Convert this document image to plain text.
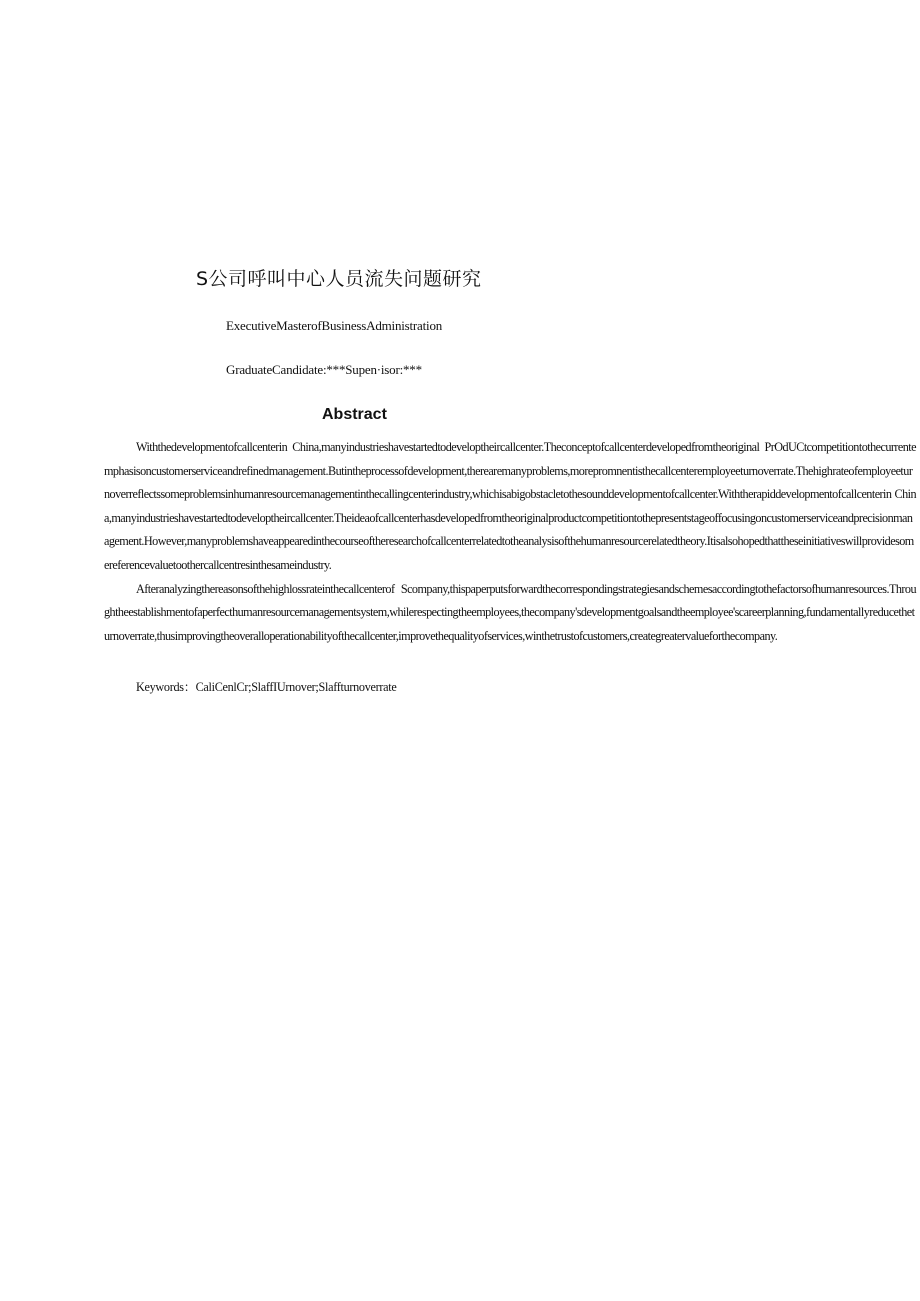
S公司呼叫中心人员流失问题研究
ExecutiveMasterofBusinessAdministration
GraduateCandidate:***Supen·isor:***
Abstract

Withthedevelopmentofcallcenterin China,manyindustrieshavestartedtodeveloptheircallcenter.Theconceptofcallcenterdevelopedfromtheoriginal PrOdUCtcompetitiontothecurrentemphasisoncustomerserviceandrefinedmanagement.Butintheprocessofdevelopment,therearemanyproblems,morepromnentisthecallcenteremployeeturnoverrate.Thehighrateofemployeeturnoverreflectssomeproblemsinhumanresourcemanagementinthecallingcenterindustry,whichisabigobstacletothesounddevelopmentofcallcenter.Withtherapiddevelopmentofcallcenterin China,manyindustrieshavestartedtodeveloptheircallcenter.Theideaofcallcenterhasdevelopedfromtheoriginalproductcompetitiontothepresentstageoffocusingoncustomerserviceandprecisionmanagement.However,manyproblemshaveappearedinthecourseoftheresearchofcallcenterrelatedtotheanalysisofthehumanresourcerelatedtheory.Itisalsohopedthattheseinitiativeswillprovidesomereferencevaluetoothercallcentresinthesameindustry.

Afteranalyzingthereasonsofthehighlossrateinthecallcenterof Scompany,thispaperputsforwardthecorrespondingstrategiesandschemesaccordingtothefactorsofhumanresources.Throughtheestablishmentofaperfecthumanresourcemanagementsystem,whilerespectingtheemployees,thecompany'sdevelopmentgoalsandtheemployee'scareerplanning,fundamentallyreducetheturnoverrate,thusimprovingtheoveralloperationabilityofthecallcenter,improvethequalityofservices,winthetrustofcustomers,creategreatervalueforthecompany.

Keywords：CaliCenlCr;SlaffIUrnover;Slaffturnoverrate
